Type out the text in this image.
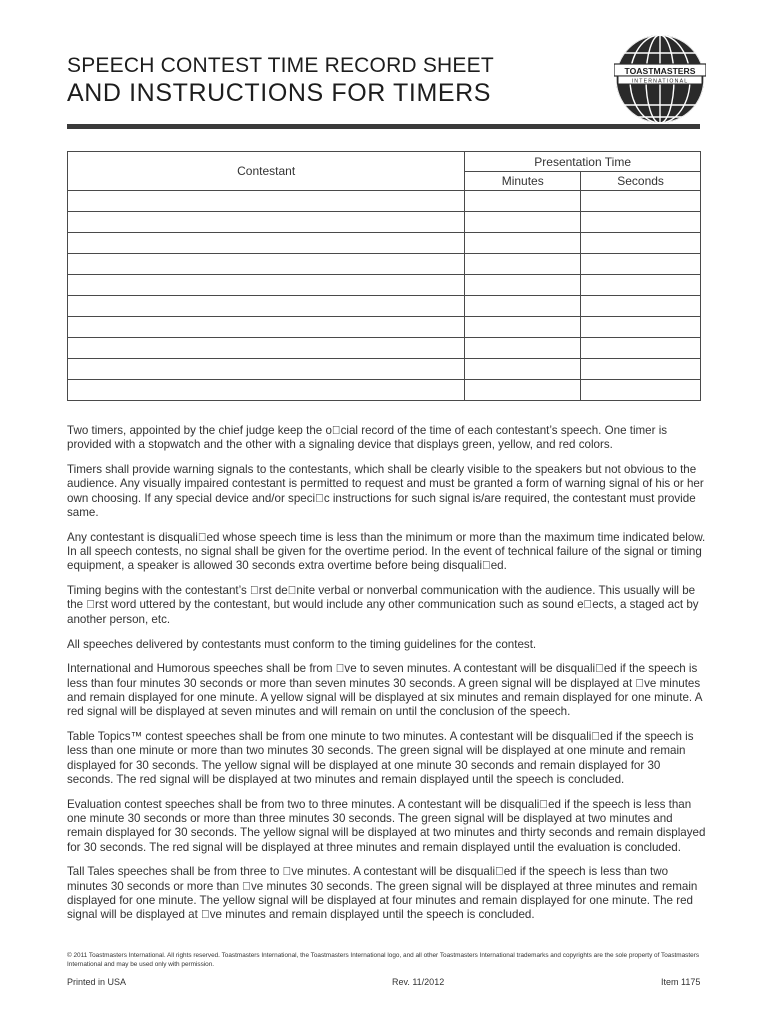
SPEECH CONTEST TIME RECORD SHEET
AND INSTRUCTIONS FOR TIMERS
TOASTMASTERS
INTERNATIONAL
Contestant	Presentation Time	
	Minutes	Seconds

Two timers, appointed by the chief judge keep the o cial record of the time of each contestant’s speech. One timer is provided with a stopwatch and the other with a signaling device that displays green, yellow, and red colors.

Timers shall provide warning signals to the contestants, which shall be clearly visible to the speakers but not obvious to the audience. Any visually impaired contestant is permitted to request and must be granted a form of warning signal of his or her own choosing. If any special device and/or speci c instructions for such signal is/are required, the contestant must provide same.

Any contestant is disquali ed whose speech time is less than the minimum or more than the maximum time indicated below. In all speech contests, no signal shall be given for the overtime period. In the event of technical failure of the signal or timing equipment, a speaker is allowed 30 seconds extra overtime before being disquali ed.

Timing begins with the contestant’s  rst de nite verbal or nonverbal communication with the audience. This usually will be the  rst word uttered by the contestant, but would include any other communication such as sound e ects, a staged act by another person, etc.

All speeches delivered by contestants must conform to the timing guidelines for the contest.

International and Humorous speeches shall be from  ve to seven minutes. A contestant will be disquali ed if the speech is less than four minutes 30 seconds or more than seven minutes 30 seconds. A green signal will be displayed at  ve minutes and remain displayed for one minute. A yellow signal will be displayed at six minutes and remain displayed for one minute. A red signal will be displayed at seven minutes and will remain on until the conclusion of the speech.

Table Topics™ contest speeches shall be from one minute to two minutes. A contestant will be disquali ed if the speech is less than one minute or more than two minutes 30 seconds. The green signal will be displayed at one minute and remain displayed for 30 seconds. The yellow signal will be displayed at one minute 30 seconds and remain displayed for 30 seconds. The red signal will be displayed at two minutes and remain displayed until the speech is concluded.

Evaluation contest speeches shall be from two to three minutes. A contestant will be disquali ed if the speech is less than one minute 30 seconds or more than three minutes 30 seconds. The green signal will be displayed at two minutes and remain displayed for 30 seconds. The yellow signal will be displayed at two minutes and thirty seconds and remain displayed for 30 seconds. The red signal will be displayed at three minutes and remain displayed until the evaluation is concluded.

Tall Tales speeches shall be from three to  ve minutes. A contestant will be disquali ed if the speech is less than two minutes 30 seconds or more than  ve minutes 30 seconds. The green signal will be displayed at three minutes and remain displayed for one minute. The yellow signal will be displayed at four minutes and remain displayed for one minute. The red signal will be displayed at  ve minutes and remain displayed until the speech is concluded.

© 2011 Toastmasters International. All rights reserved. Toastmasters International, the Toastmasters International logo, and all other Toastmasters International trademarks and copyrights are the sole property of Toastmasters International and may be used only with permission.
Printed in USA	Rev. 11/2012	Item 1175
